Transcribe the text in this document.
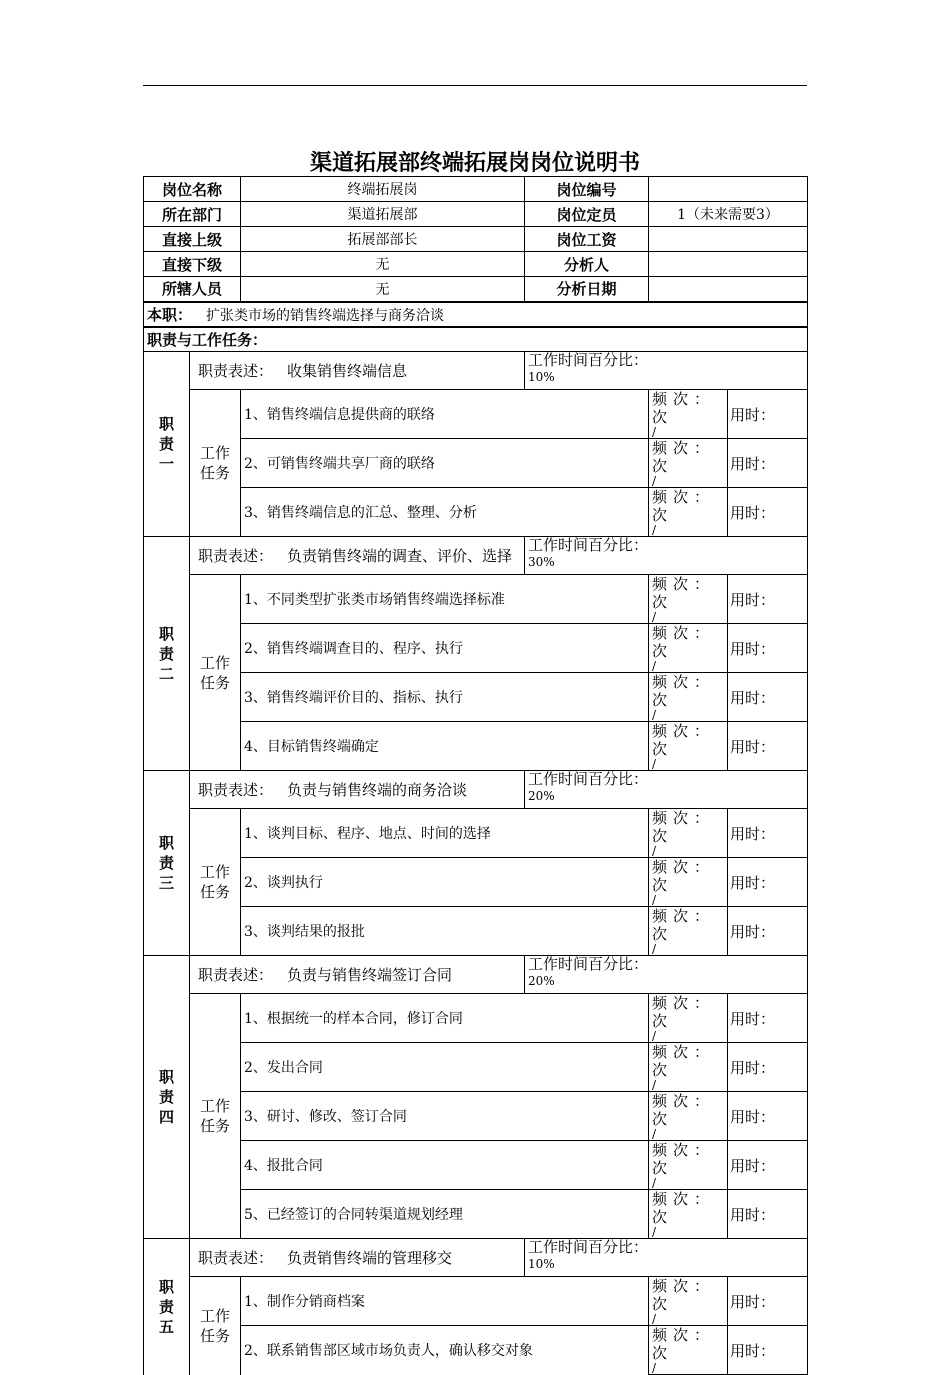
渠道拓展部终端拓展岗岗位说明书
岗位名称		终端拓展岗	岗位编号		
所在部门		渠道拓展部	岗位定员	1（未来需要3）	
直接上级		拓展部部长	岗位工资		
直接下级		无	分析人		
所辖人员		无	分析日期		
本职： 扩张类市场的销售终端选择与商务洽谈					
职责与工作任务：					

职
责
一	职责表述： 收集销售终端信息		工作时间百分比：
10%		

	工作
任务	1、销售终端信息提供商的联络		频次：次
/	用时：
		2、可销售终端共享厂商的联络		频次：次
/	用时：
		3、销售终端信息的汇总、整理、分析		频次：次
/	用时：

职
责
二	职责表述： 负责销售终端的调查、评价、选择		工作时间百分比：
30%		

	工作
任务	1、不同类型扩张类市场销售终端选择标准		频次：次
/	用时：
		2、销售终端调查目的、程序、执行		频次：次
/	用时：
		3、销售终端评价目的、指标、执行		频次：次
/	用时：
		4、目标销售终端确定		频次：次
/	用时：

职
责
三	职责表述： 负责与销售终端的商务洽谈		工作时间百分比：
20%		

	工作
任务	1、谈判目标、程序、地点、时间的选择		频次：次
/	用时：
		2、谈判执行		频次：次
/	用时：
		3、谈判结果的报批		频次：次
/	用时：

职
责
四	职责表述： 负责与销售终端签订合同		工作时间百分比：
20%		

	工作
任务	1、根据统一的样本合同，修订合同		频次：次
/	用时：
		2、发出合同		频次：次
/	用时：
		3、研讨、修改、签订合同		频次：次
/	用时：
		4、报批合同		频次：次
/	用时：
		5、已经签订的合同转渠道规划经理		频次：次
/	用时：

职
责
五	职责表述： 负责销售终端的管理移交		工作时间百分比：
10%		

	工作
任务	1、制作分销商档案		频次：次
/	用时：
		2、联系销售部区域市场负责人，确认移交对象		频次：次
/	用时：
